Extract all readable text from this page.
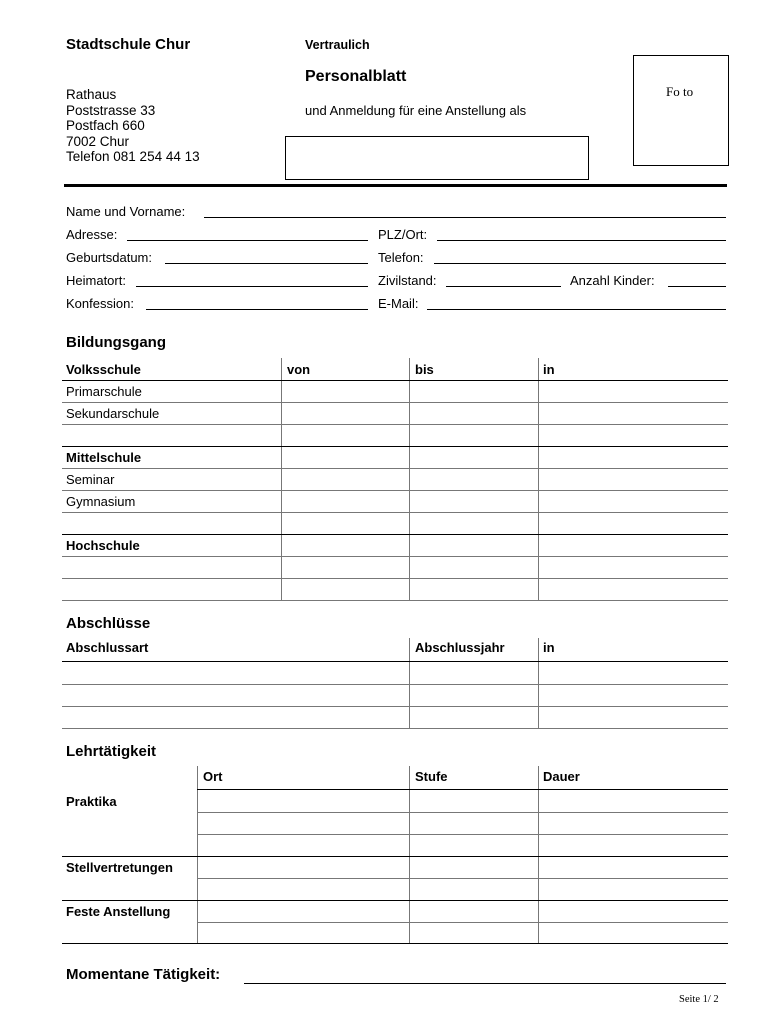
Stadtschule Chur
Rathaus
Poststrasse 33
Postfach 660
7002 Chur
Telefon 081 254 44 13
Vertraulich
Personalblatt
und Anmeldung für eine Anstellung als
Fo to
Name und Vorname:
Adresse:	PLZ/Ort:
Geburtsdatum:	Telefon:
Heimatort:	Zivilstand:	Anzahl Kinder:
Konfession:	E-Mail:
Bildungsgang
Volksschule	von	bis	in
Primarschule
Sekundarschule
Mittelschule
Seminar
Gymnasium
Hochschule
Abschlüsse
Abschlussart	Abschlussjahr	in
Lehrtätigkeit
Ort	Stufe	Dauer
Praktika
Stellvertretungen
Feste Anstellung
Momentane Tätigkeit:
Seite 1/ 2
